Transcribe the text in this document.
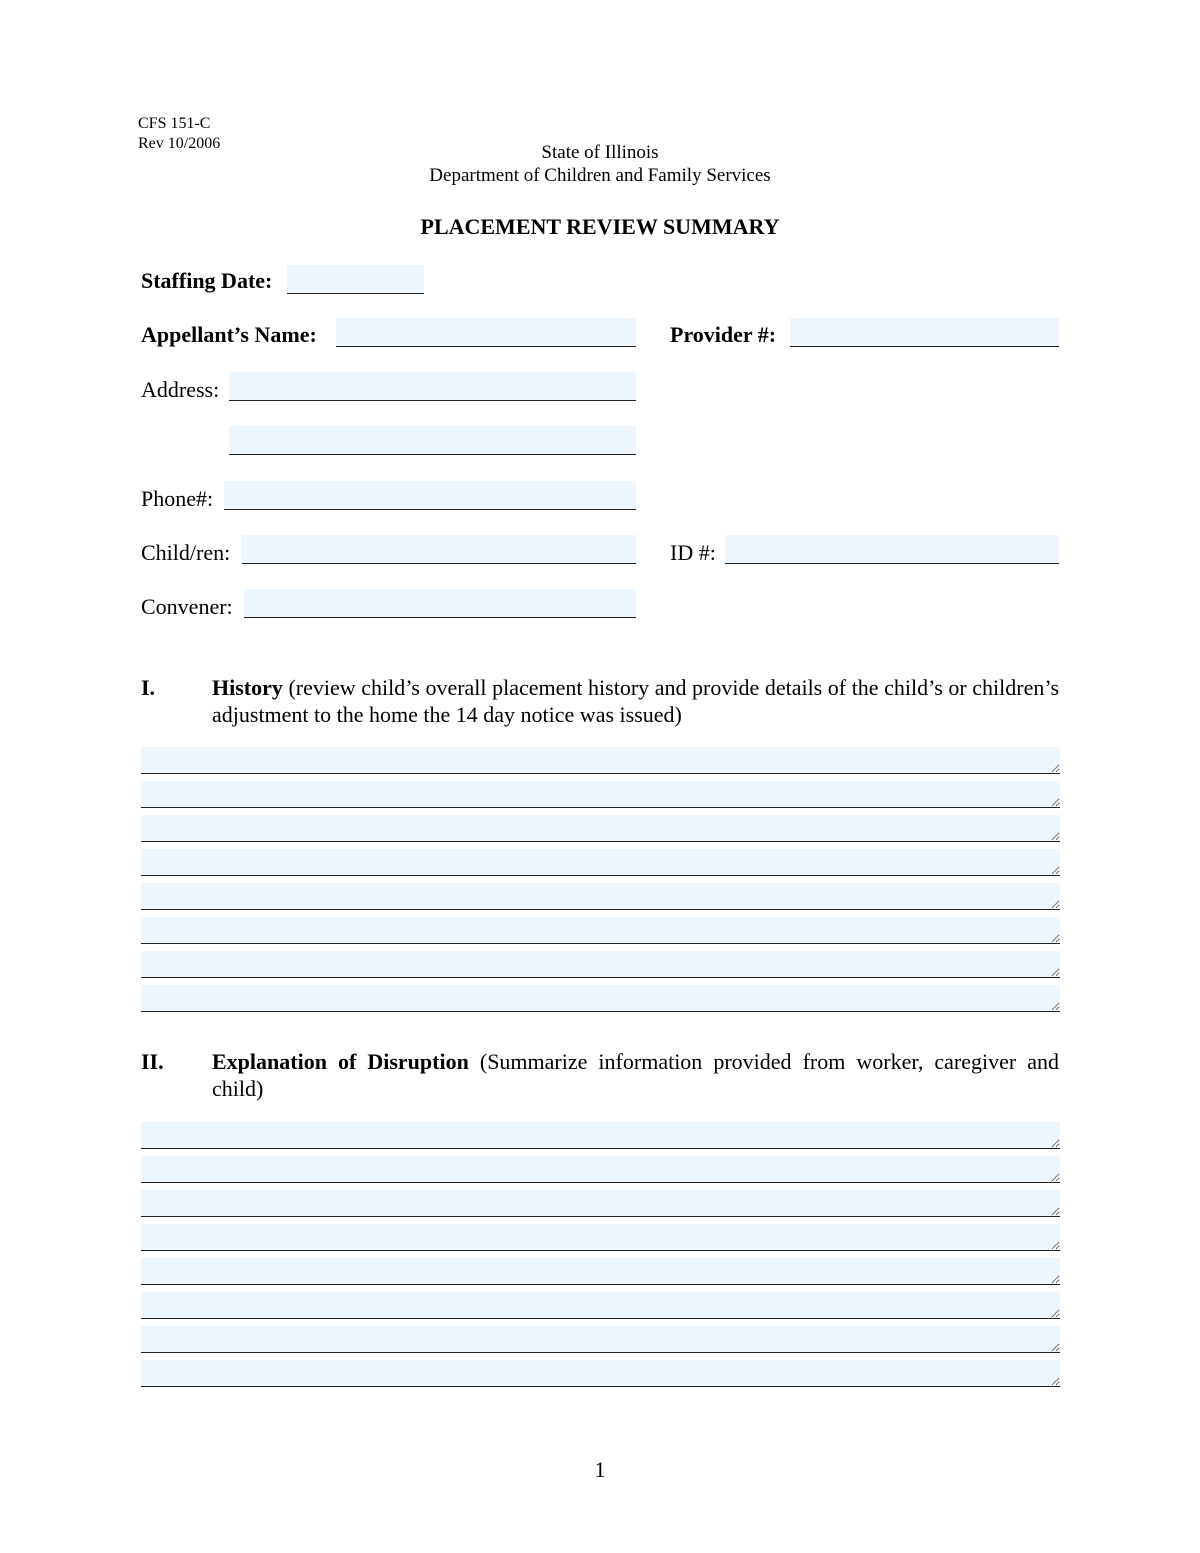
CFS 151-C
Rev 10/2006	State of Illinois
Department of Children and Family Services
PLACEMENT REVIEW SUMMARY
Staffing Date:
Appellant’s Name:	Provider #:
Address:
Phone#:
Child/ren:	ID #:
Convener:
I.	History (review child’s overall placement history and provide details of the child’s or children’s adjustment to the home the 14 day notice was issued)
II. Explanation of Disruption (Summarize information provided from worker, caregiver and child)
1
